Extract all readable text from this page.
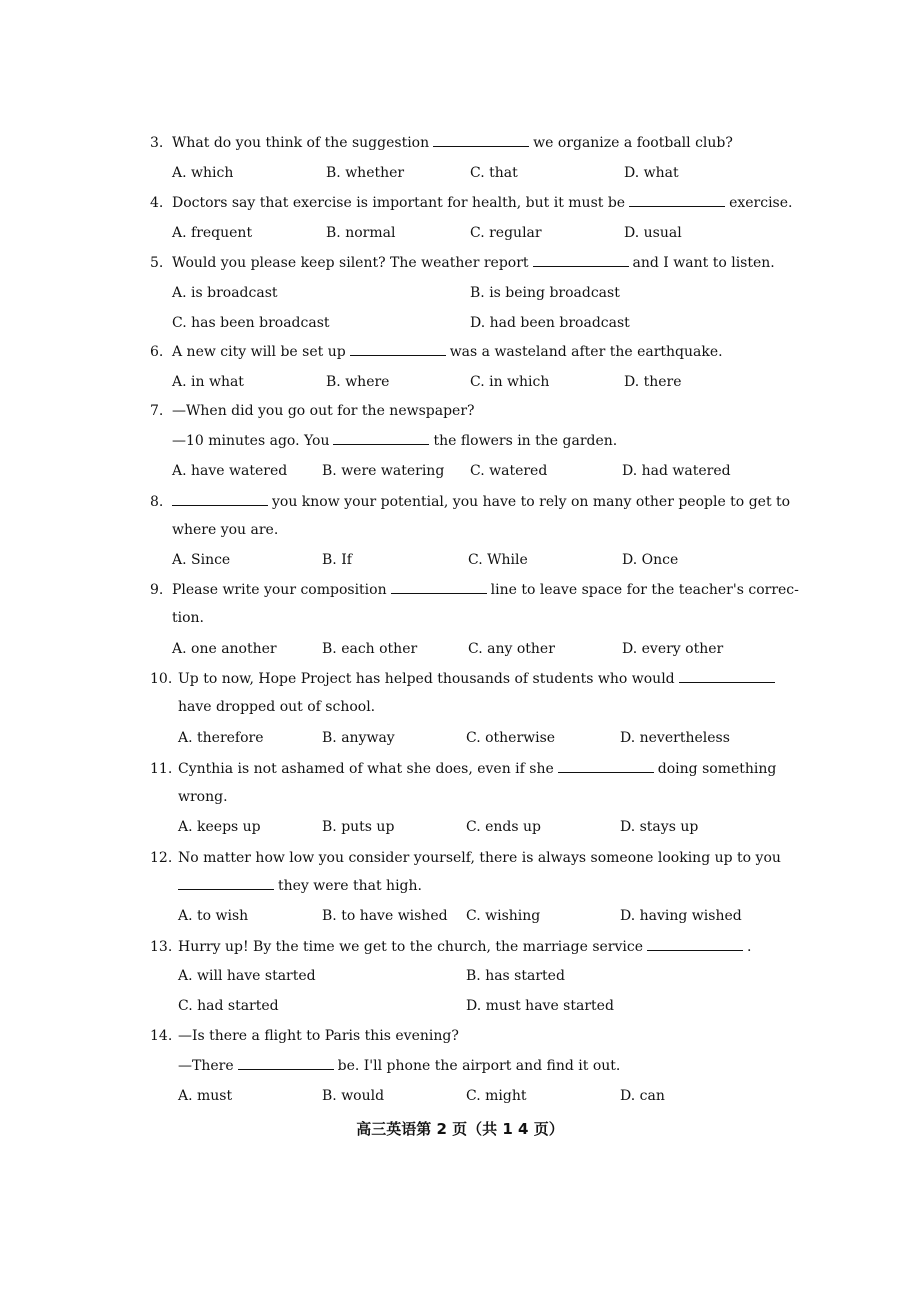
3. What do you think of the suggestion	we organize a football club?
A. which	B. whether	C. that	D. what
4. Doctors say that exercise is important for health, but it must be	exercise.
A. frequent	B. normal	C. regular	D. usual
5. Would you please keep silent? The weather report	and I want to listen.
A. is broadcast	B. is being broadcast
C. has been broadcast	D. had been broadcast
6. A new city will be set up	was a wasteland after the earthquake.
A. in what	B. where	C. in which	D. there
7. —When did you go out for the newspaper?
—10 minutes ago. You	the flowers in the garden.
A. have watered B. were watering C. watered	D. had watered
8.	you know your potential, you have to rely on many other people to get to
where you are.
A. Since	B. If	C. While	D. Once
9. Please write your composition	line to leave space for the teacher's correc-
tion.
A. one another	B. each other	C. any other	D. every other
10. Up to now, Hope Project has helped thousands of students who would
have dropped out of school.
A. therefore	B. anyway	C. otherwise	D. nevertheless
11. Cynthia is not ashamed of what she does, even if she	doing something
wrong.
A. keeps up	B. puts up	C. ends up	D. stays up
12. No matter how low you consider yourself, there is always someone looking up to you
they were that high.
A. to wish	B. to have wished C. wishing	D. having wished
13. Hurry up! By the time we get to the church, the marriage service	.
A. will have started	B. has started
C. had started	D. must have started
14. —Is there a flight to Paris this evening?
—There	be. I'll phone the airport and find it out.
A. must	B. would	C. might	D. can
高三英语第 2 页（共 1 4 页）
